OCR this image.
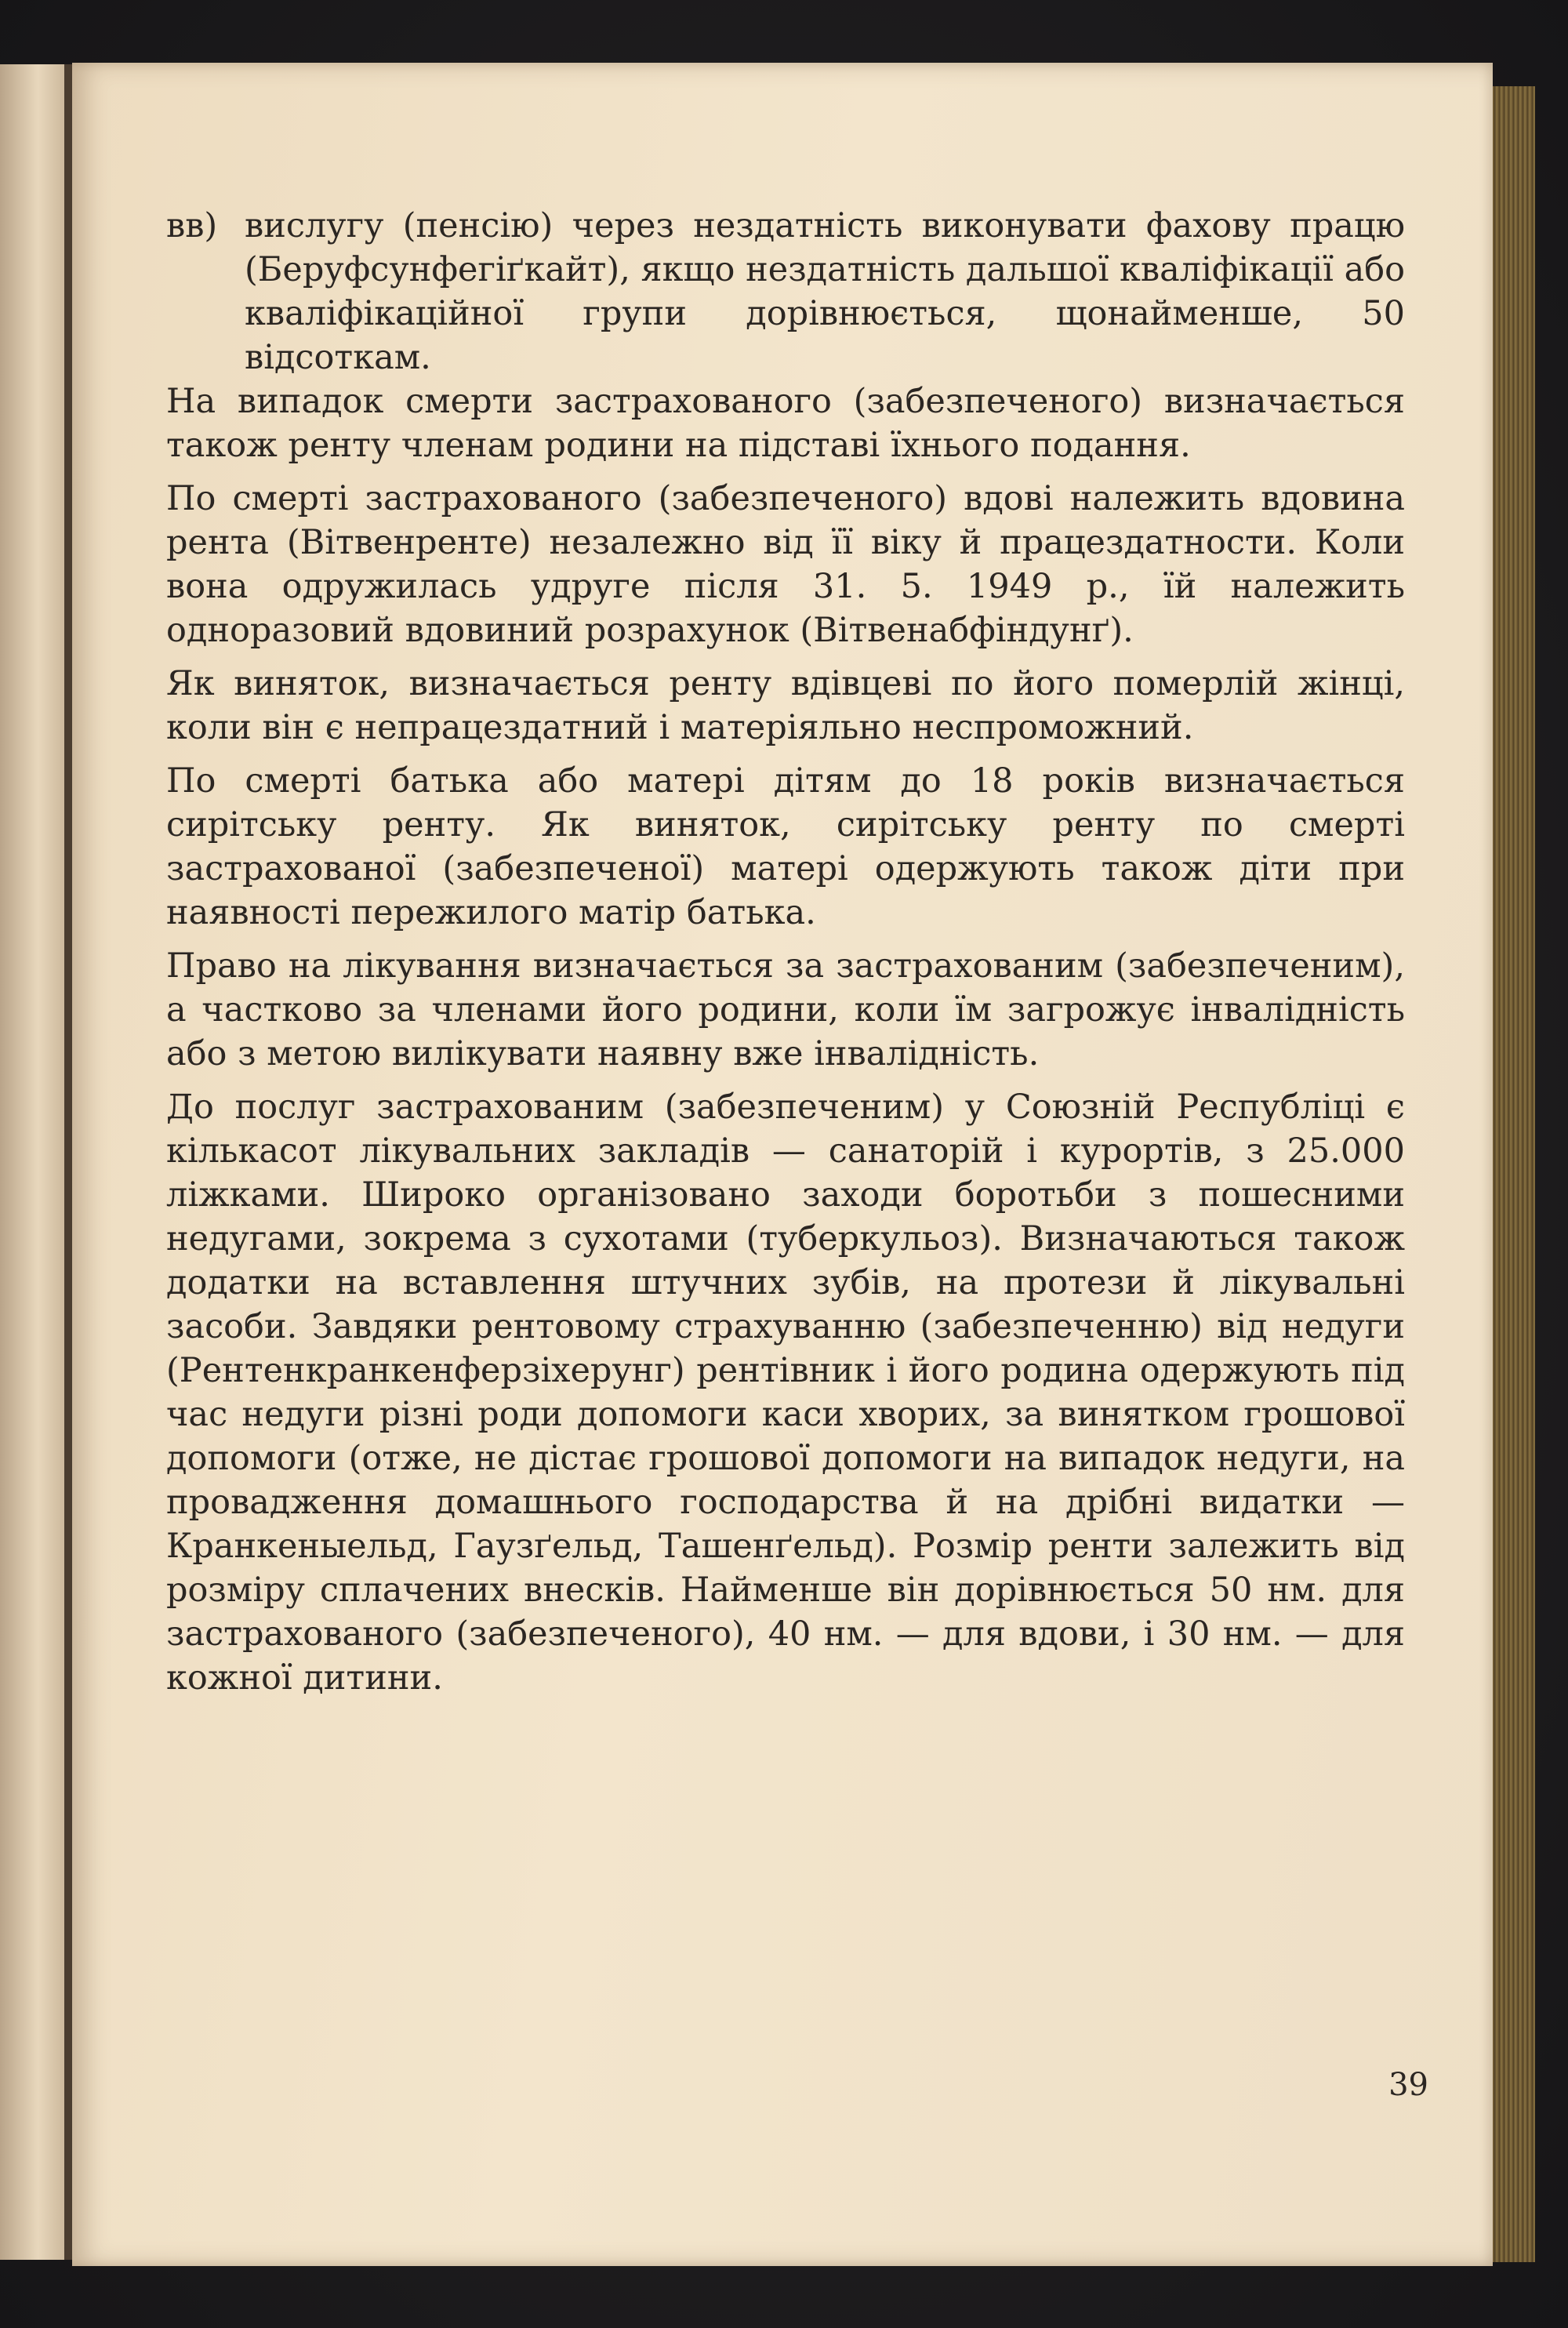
вв) вислугу (пенсію) через нездатність виконувати фахову працю (Беруфсунфегіґкайт), якщо нездатність дальшої кваліфікації або кваліфікаційної групи дорівнюється, щонайменше, 50 відсоткам.

На випадок смерти застрахованого (забезпеченого) визначається також ренту членам родини на підставі їхнього подання.

По смерті застрахованого (забезпеченого) вдові належить вдовина рента (Вітвенренте) незалежно від її віку й працездатности. Коли вона одружилась удруге після 31. 5. 1949 р., їй належить одноразовий вдовиний розрахунок (Вітвенабфіндунґ).

Як виняток, визначається ренту вдівцеві по його померлій жінці, коли він є непрацездатний і матеріяльно неспроможний.

По смерті батька або матері дітям до 18 років визначається сирітську ренту. Як виняток, сирітську ренту по смерті застрахованої (забезпеченої) матері одержують також діти при наявності пережилого матір батька.

Право на лікування визначається за застрахованим (забезпеченим), а частково за членами його родини, коли їм загрожує інвалідність або з метою вилікувати наявну вже інвалідність.

До послуг застрахованим (забезпеченим) у Союзній Республіці є кількасот лікувальних закладів — санаторій і курортів, з 25.000 ліжками. Широко організовано заходи боротьби з пошесними недугами, зокрема з сухотами (туберкульоз). Визначаються також додатки на вставлення штучних зубів, на протези й лікувальні засоби. Завдяки рентовому страхуванню (забезпеченню) від недуги (Рентенкранкенферзіхерунг) рентівник і його родина одержують під час недуги різні роди допомоги каси хворих, за винятком грошової допомоги (отже, не дістає грошової допомоги на випадок недуги, на провадження домашнього господарства й на дрібні видатки — Кранкеныельд, Гаузґельд, Ташенґельд). Розмір ренти залежить від розміру сплачених внесків. Найменше він дорівнюється 50 нм. для застрахованого (забезпеченого), 40 нм. — для вдови, і 30 нм. — для кожної дитини.

39
